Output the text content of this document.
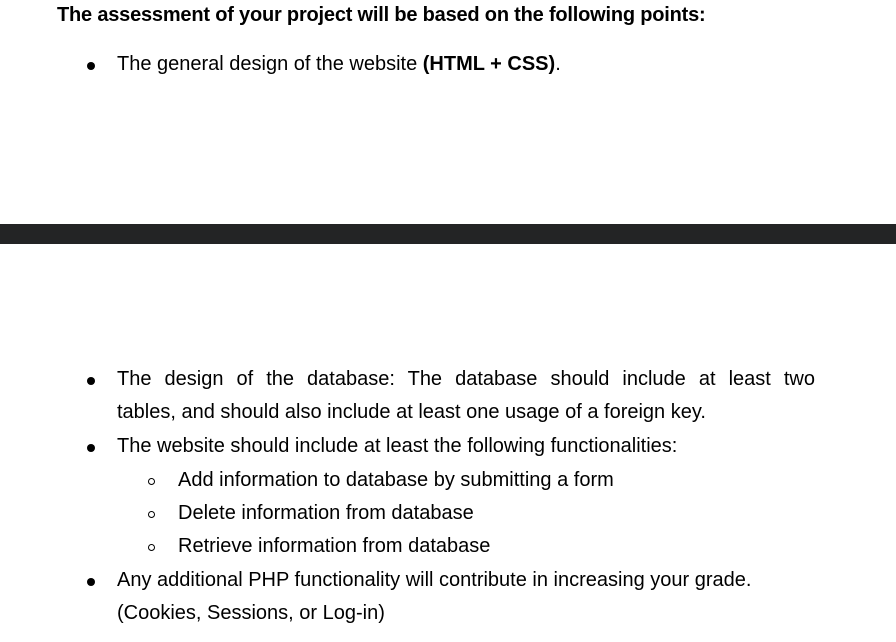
The assessment of your project will be based on the following points:
The general design of the website (HTML + CSS).
The design of the database: The database should include at least two
tables, and should also include at least one usage of a foreign key.
The website should include at least the following functionalities:
Add information to database by submitting a form
Delete information from database
Retrieve information from database
Any additional PHP functionality will contribute in increasing your grade.
(Cookies, Sessions, or Log-in)
